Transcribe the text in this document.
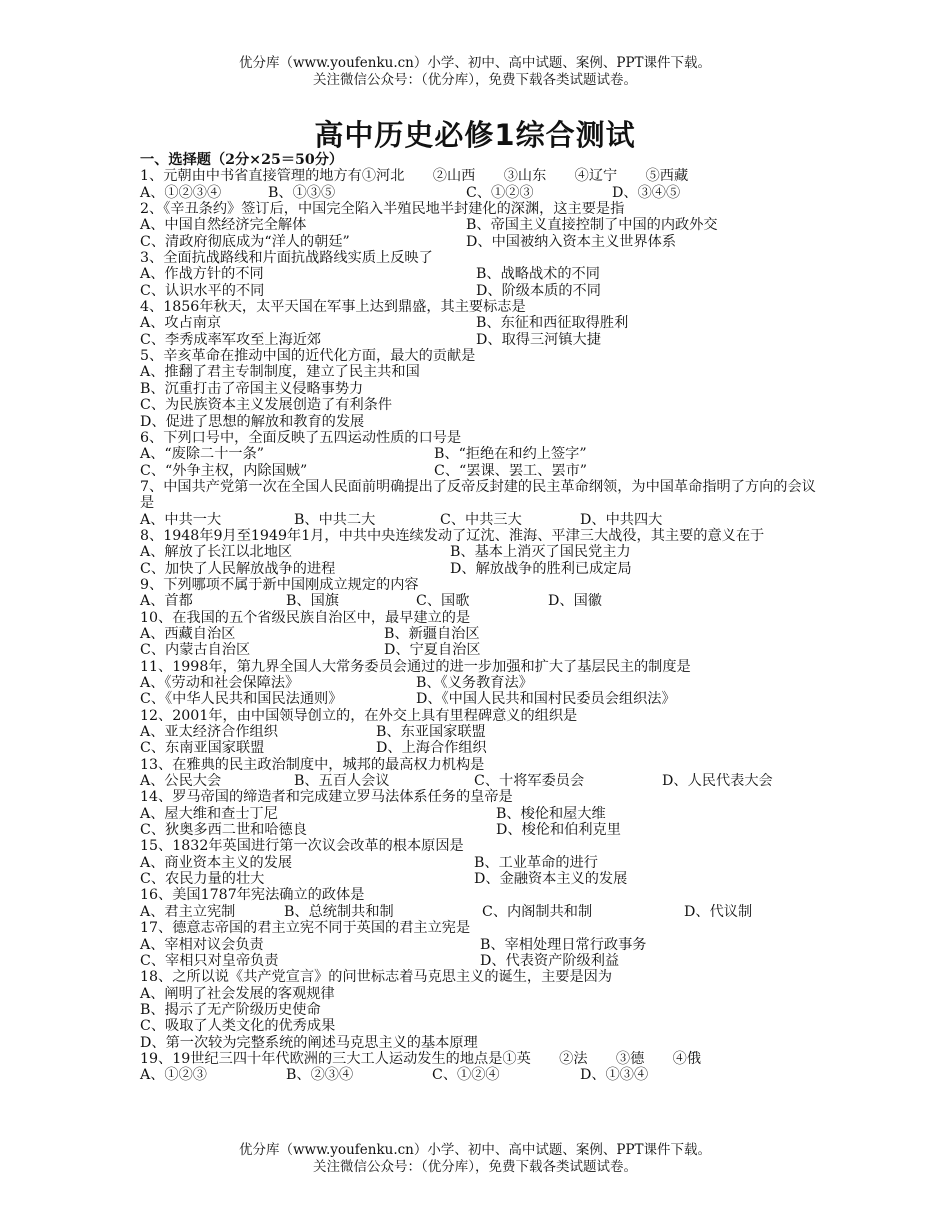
优分库（www.youfenku.cn）小学、初中、高中试题、案例、PPT课件下载。
关注微信公众号：（优分库），免费下载各类试题试卷。
高中历史必修1综合测试
一、选择题（2分×25＝50分）
1、元朝由中书省直接管理的地方有①河北　　②山西　　③山东　　④辽宁　　⑤西藏
A、①②③④	B、①③⑤	C、①②③	D、③④⑤
2、《辛丑条约》签订后，中国完全陷入半殖民地半封建化的深渊，这主要是指
A、中国自然经济完全解体	B、帝国主义直接控制了中国的内政外交
C、清政府彻底成为“洋人的朝廷”	D、中国被纳入资本主义世界体系
3、全面抗战路线和片面抗战路线实质上反映了
A、作战方针的不同	B、战略战术的不同
C、认识水平的不同	D、阶级本质的不同
4、1856年秋天，太平天国在军事上达到鼎盛，其主要标志是
A、攻占南京	B、东征和西征取得胜利
C、李秀成率军攻至上海近郊	D、取得三河镇大捷
5、辛亥革命在推动中国的近代化方面，最大的贡献是
A、推翻了君主专制制度，建立了民主共和国
B、沉重打击了帝国主义侵略事势力
C、为民族资本主义发展创造了有利条件
D、促进了思想的解放和教育的发展
6、下列口号中，全面反映了五四运动性质的口号是
A、“废除二十一条”	B、“拒绝在和约上签字”
C、“外争主权，内除国贼”	C、“罢课、罢工、罢市”
7、中国共产党第一次在全国人民面前明确提出了反帝反封建的民主革命纲领，为中国革命指明了方向的会议是
A、中共一大	B、中共二大	C、中共三大	D、中共四大
8、1948年9月至1949年1月，中共中央连续发动了辽沈、淮海、平津三大战役，其主要的意义在于
A、解放了长江以北地区	B、基本上消灭了国民党主力
C、加快了人民解放战争的进程	D、解放战争的胜利已成定局
9、下列哪项不属于新中国刚成立规定的内容
A、首都	B、国旗	C、国歌	D、国徽
10、在我国的五个省级民族自治区中，最早建立的是
A、西藏自治区	B、新疆自治区
C、内蒙古自治区	D、宁夏自治区
11、1998年，第九界全国人大常务委员会通过的进一步加强和扩大了基层民主的制度是
A、《劳动和社会保障法》	B、《义务教育法》
C、《中华人民共和国民法通则》	D、《中国人民共和国村民委员会组织法》
12、2001年，由中国领导创立的，在外交上具有里程碑意义的组织是
A、亚太经济合作组织	B、东亚国家联盟
C、东南亚国家联盟	D、上海合作组织
13、在雅典的民主政治制度中，城邦的最高权力机构是
A、公民大会	B、五百人会议	C、十将军委员会	D、人民代表大会
14、罗马帝国的缔造者和完成建立罗马法体系任务的皇帝是
A、屋大维和查士丁尼	B、梭伦和屋大维
C、狄奥多西二世和哈德良	D、梭伦和伯利克里
15、1832年英国进行第一次议会改革的根本原因是
A、商业资本主义的发展	B、工业革命的进行
C、农民力量的壮大	D、金融资本主义的发展
16、美国1787年宪法确立的政体是
A、君主立宪制	B、总统制共和制	C、内阁制共和制	D、代议制
17、德意志帝国的君主立宪不同于英国的君主立宪是
A、宰相对议会负责	B、宰相处理日常行政事务
C、宰相只对皇帝负责	D、代表资产阶级利益
18、之所以说《共产党宣言》的问世标志着马克思主义的诞生，主要是因为
A、阐明了社会发展的客观规律
B、揭示了无产阶级历史使命
C、吸取了人类文化的优秀成果
D、第一次较为完整系统的阐述马克思主义的基本原理
19、19世纪三四十年代欧洲的三大工人运动发生的地点是①英　　②法　　③德　　④俄
A、①②③	B、②③④	C、①②④	D、①③④
优分库（www.youfenku.cn）小学、初中、高中试题、案例、PPT课件下载。
关注微信公众号：（优分库），免费下载各类试题试卷。
